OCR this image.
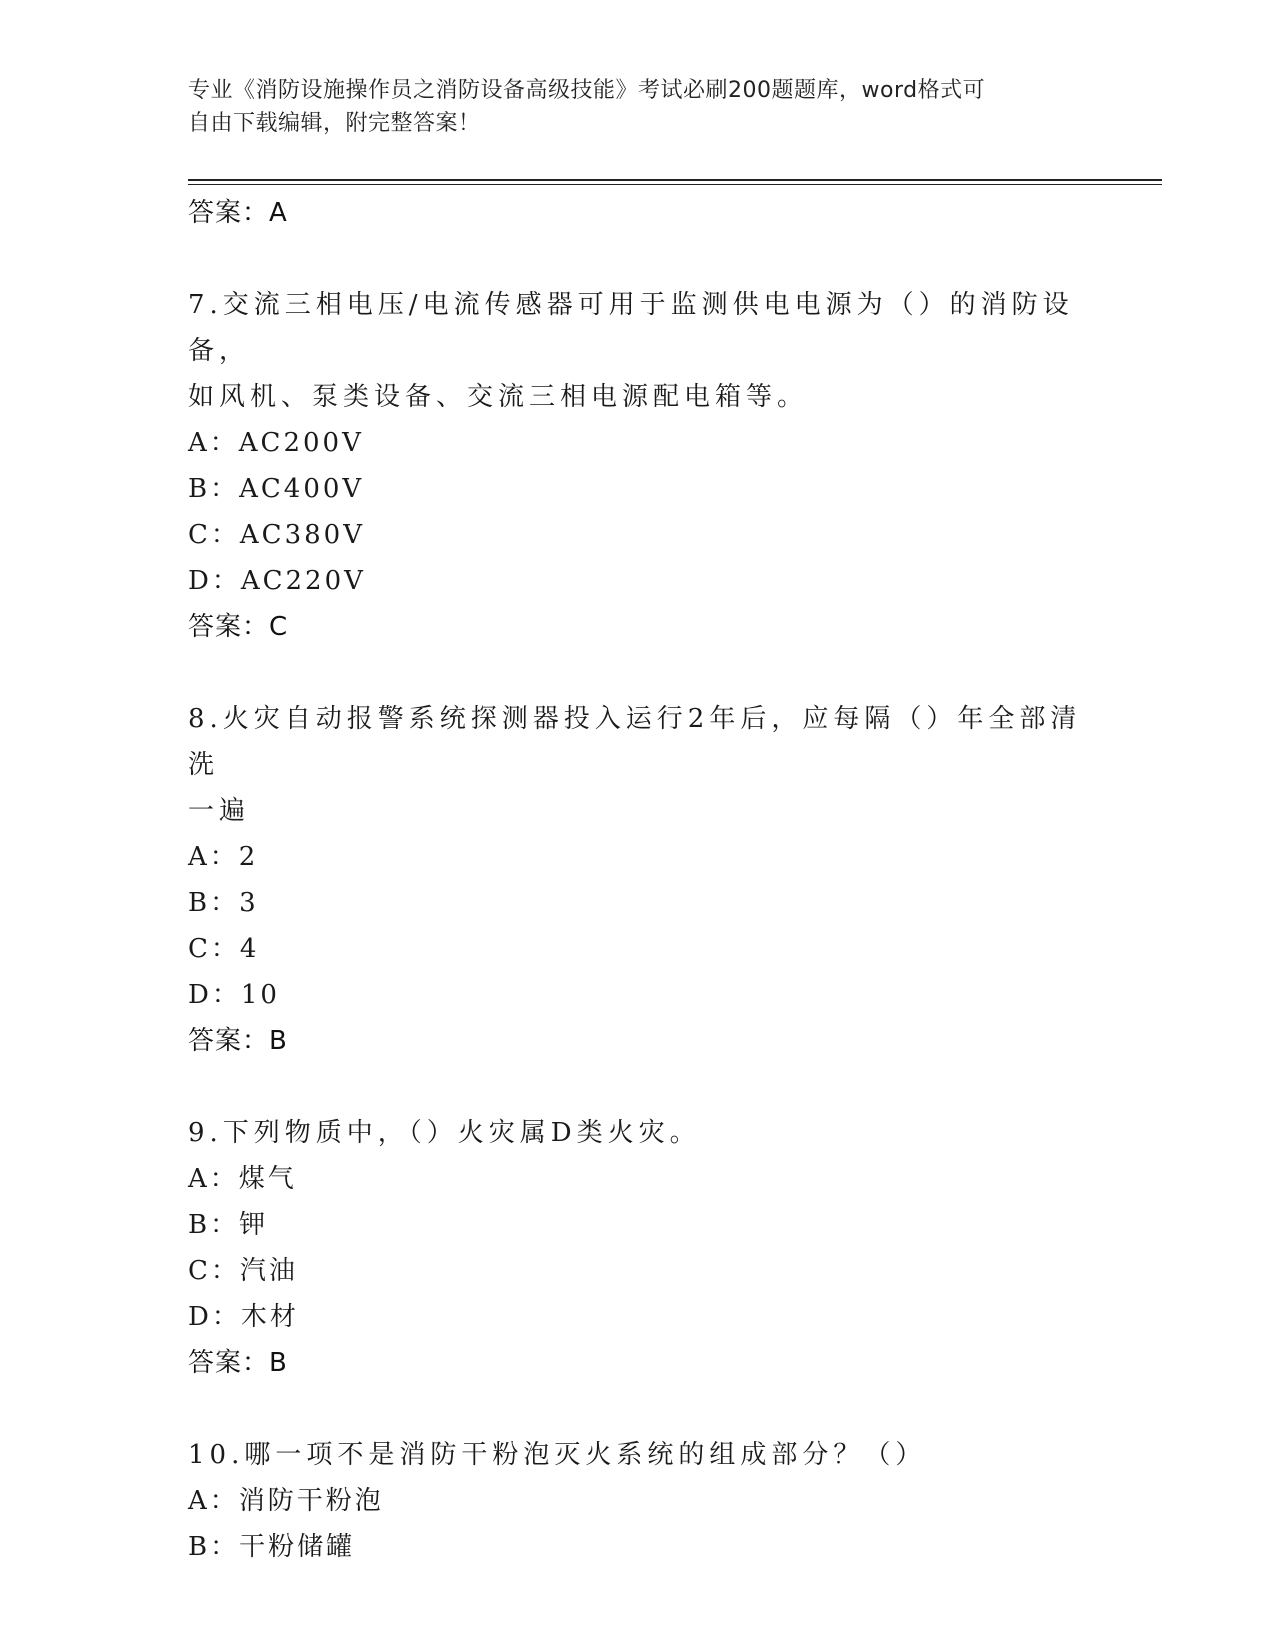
专业《消防设施操作员之消防设备高级技能》考试必刷200题题库，word格式可
自由下载编辑，附完整答案！
答案：A
7.交流三相电压/电流传感器可用于监测供电电源为（）的消防设备，
如风机、泵类设备、交流三相电源配电箱等。
A：AC200V
B：AC400V
C：AC380V
D：AC220V
答案：C
8.火灾自动报警系统探测器投入运行2年后，应每隔（）年全部清洗
一遍
A：2
B：3
C：4
D：10
答案：B
9.下列物质中，（）火灾属D类火灾。
A：煤气
B：钾
C：汽油
D：木材
答案：B
10.哪一项不是消防干粉泡灭火系统的组成部分？（）
A：消防干粉泡
B：干粉储罐
